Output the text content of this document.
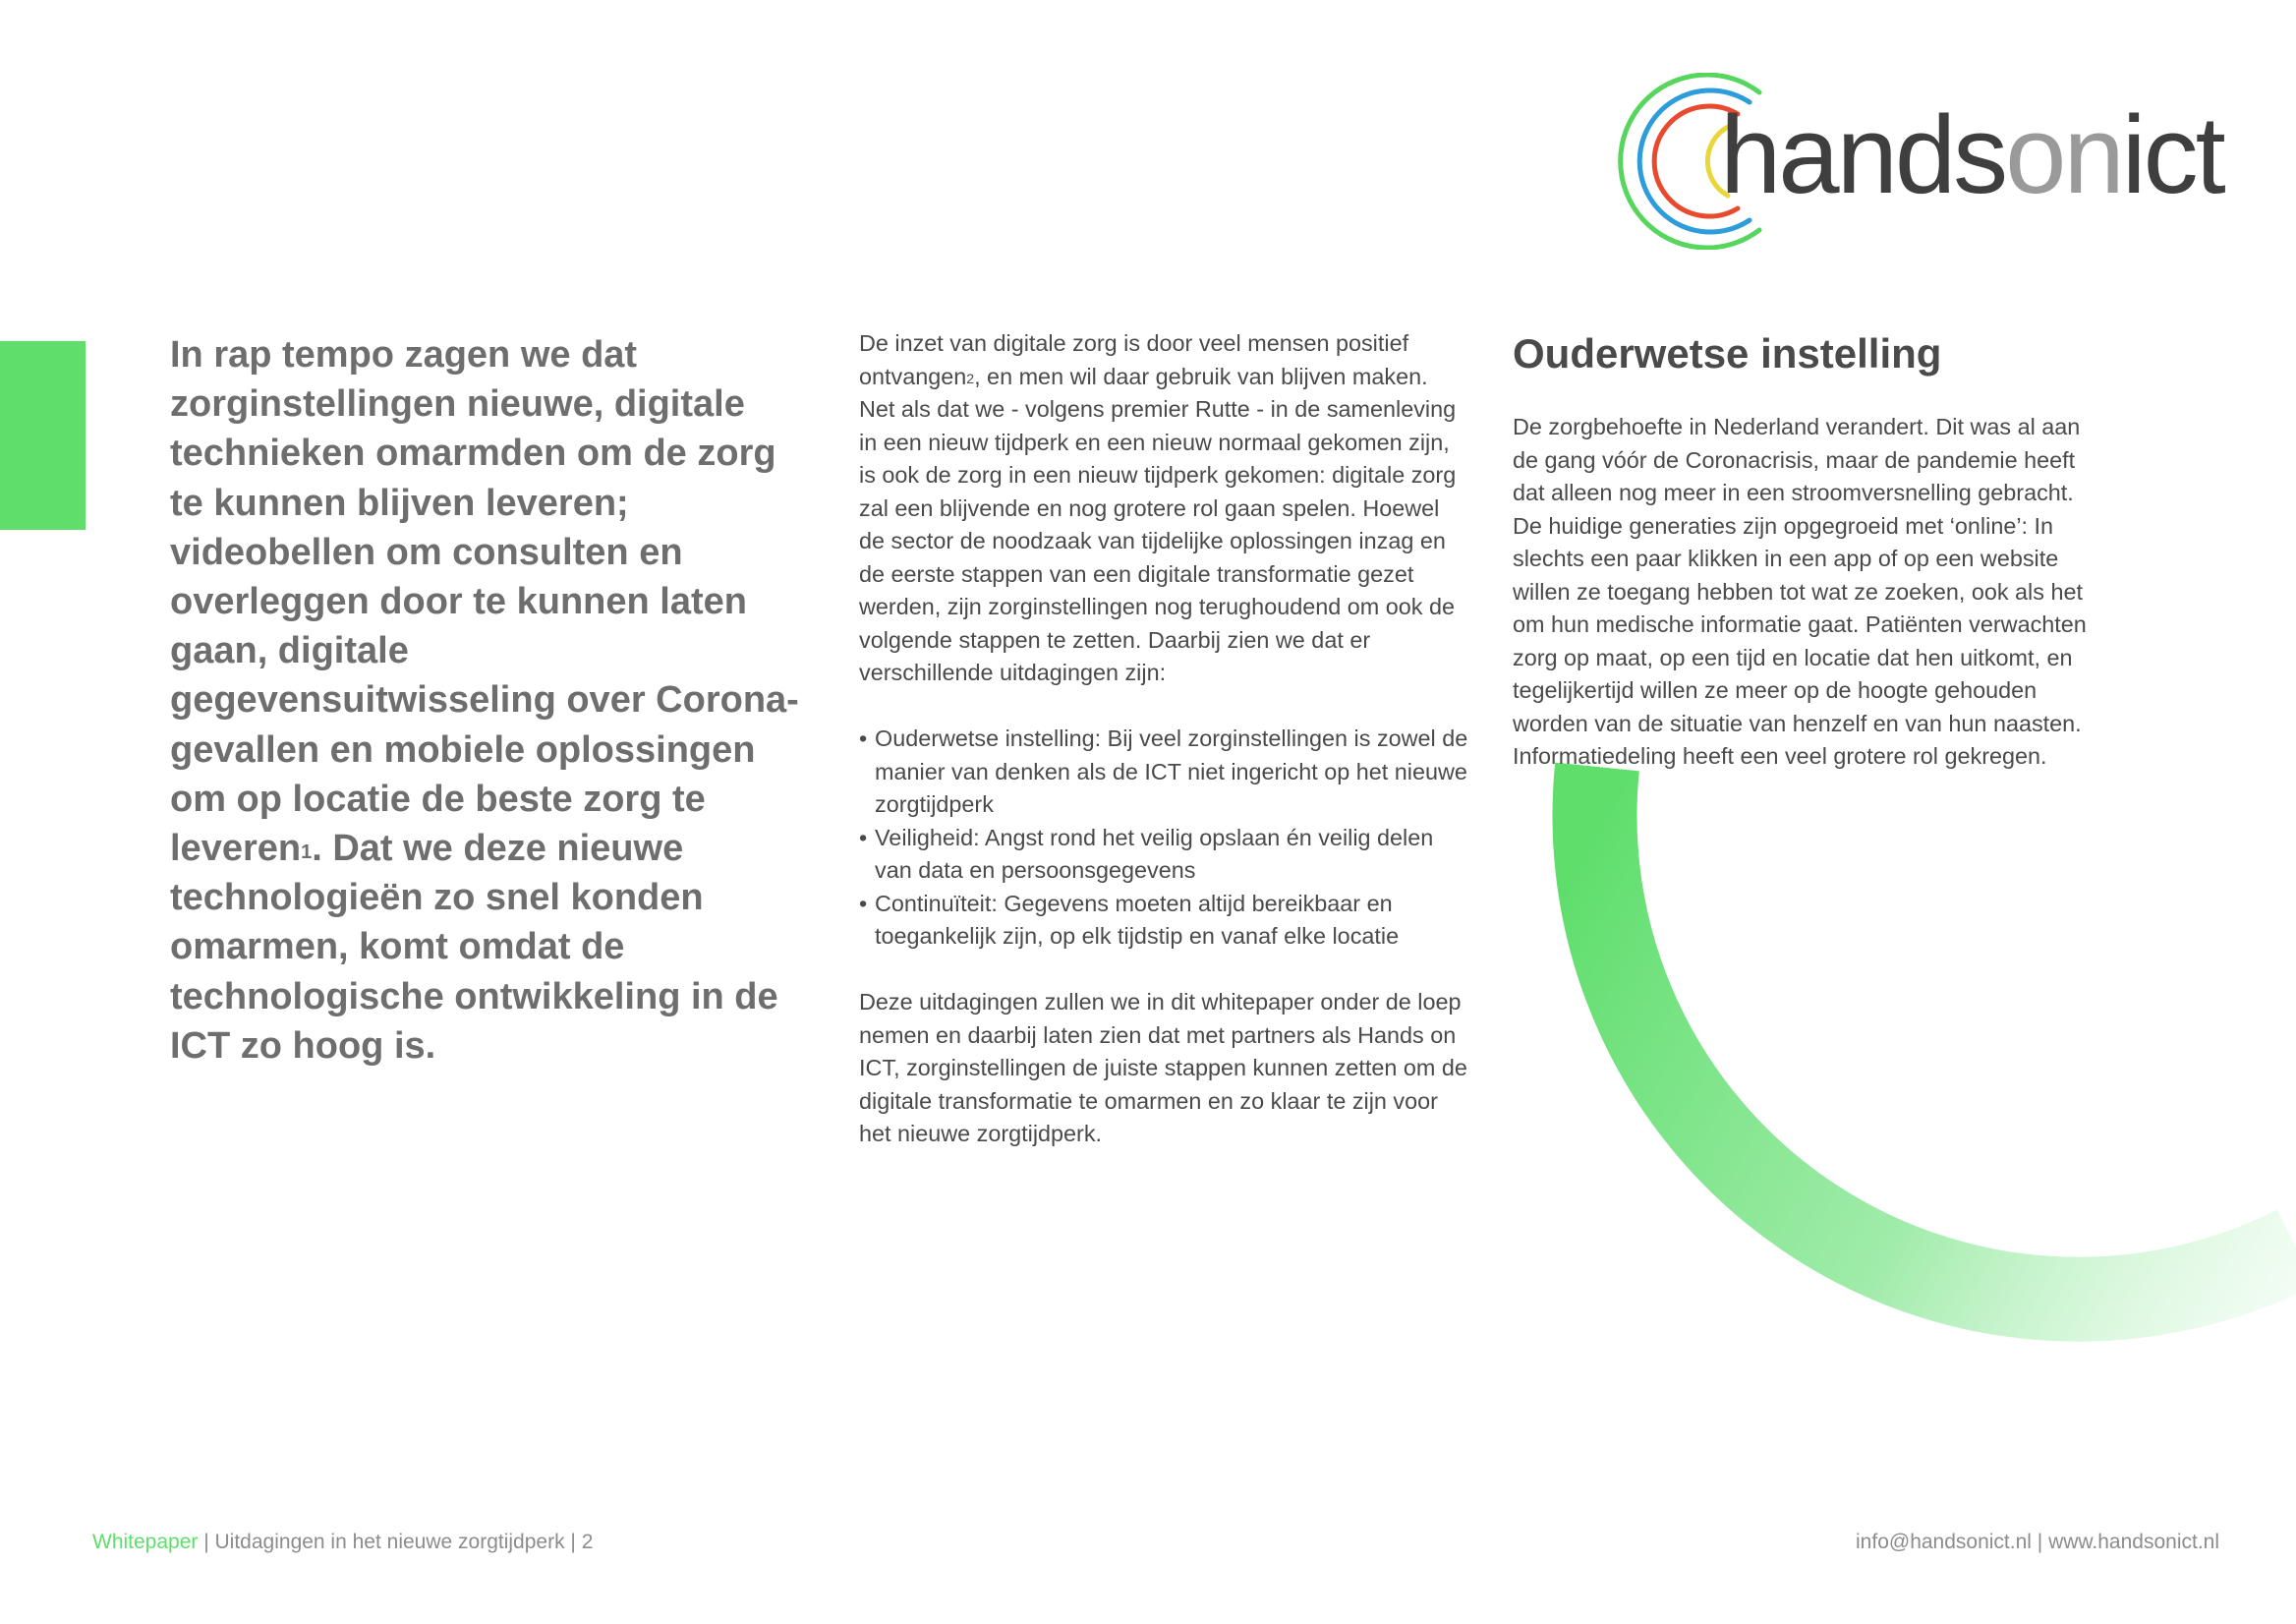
handsonict

In rap tempo zagen we dat zorginstellingen nieuwe, digitale technieken omarmden om de zorg te kunnen blijven leveren; videobellen om consulten en overleggen door te kunnen laten gaan, digitale gegevensuitwisseling over Corona-gevallen en mobiele oplossingen om op locatie de beste zorg te leveren$^1$. Dat we deze nieuwe technologieën zo snel konden omarmen, komt omdat de technologische ontwikkeling in de ICT zo hoog is.

De inzet van digitale zorg is door veel mensen positief ontvangen$^2$, en men wil daar gebruik van blijven maken. Net als dat we - volgens premier Rutte - in de samenleving in een nieuw tijdperk en een nieuw normaal gekomen zijn, is ook de zorg in een nieuw tijdperk gekomen: digitale zorg zal een blijvende en nog grotere rol gaan spelen. Hoewel de sector de noodzaak van tijdelijke oplossingen inzag en de eerste stappen van een digitale transformatie gezet werden, zijn zorginstellingen nog terughoudend om ook de volgende stappen te zetten. Daarbij zien we dat er verschillende uitdagingen zijn:

• Ouderwetse instelling: Bij veel zorginstellingen is zowel de manier van denken als de ICT niet ingericht op het nieuwe zorgtijdperk
• Veiligheid: Angst rond het veilig opslaan én veilig delen van data en persoonsgegevens
• Continuïteit: Gegevens moeten altijd bereikbaar en toegankelijk zijn, op elk tijdstip en vanaf elke locatie

Deze uitdagingen zullen we in dit whitepaper onder de loep nemen en daarbij laten zien dat met partners als Hands on ICT, zorginstellingen de juiste stappen kunnen zetten om de digitale transformatie te omarmen en zo klaar te zijn voor het nieuwe zorgtijdperk.

Ouderwetse instelling

De zorgbehoefte in Nederland verandert. Dit was al aan de gang vóór de Coronacrisis, maar de pandemie heeft dat alleen nog meer in een stroomversnelling gebracht. De huidige generaties zijn opgegroeid met ‘online’: In slechts een paar klikken in een app of op een website willen ze toegang hebben tot wat ze zoeken, ook als het om hun medische informatie gaat. Patiënten verwachten zorg op maat, op een tijd en locatie dat hen uitkomt, en tegelijkertijd willen ze meer op de hoogte gehouden worden van de situatie van henzelf en van hun naasten. Informatiedeling heeft een veel grotere rol gekregen.

Whitepaper | Uitdagingen in het nieuwe zorgtijdperk | 2	info@handsonict.nl | www.handsonict.nl
